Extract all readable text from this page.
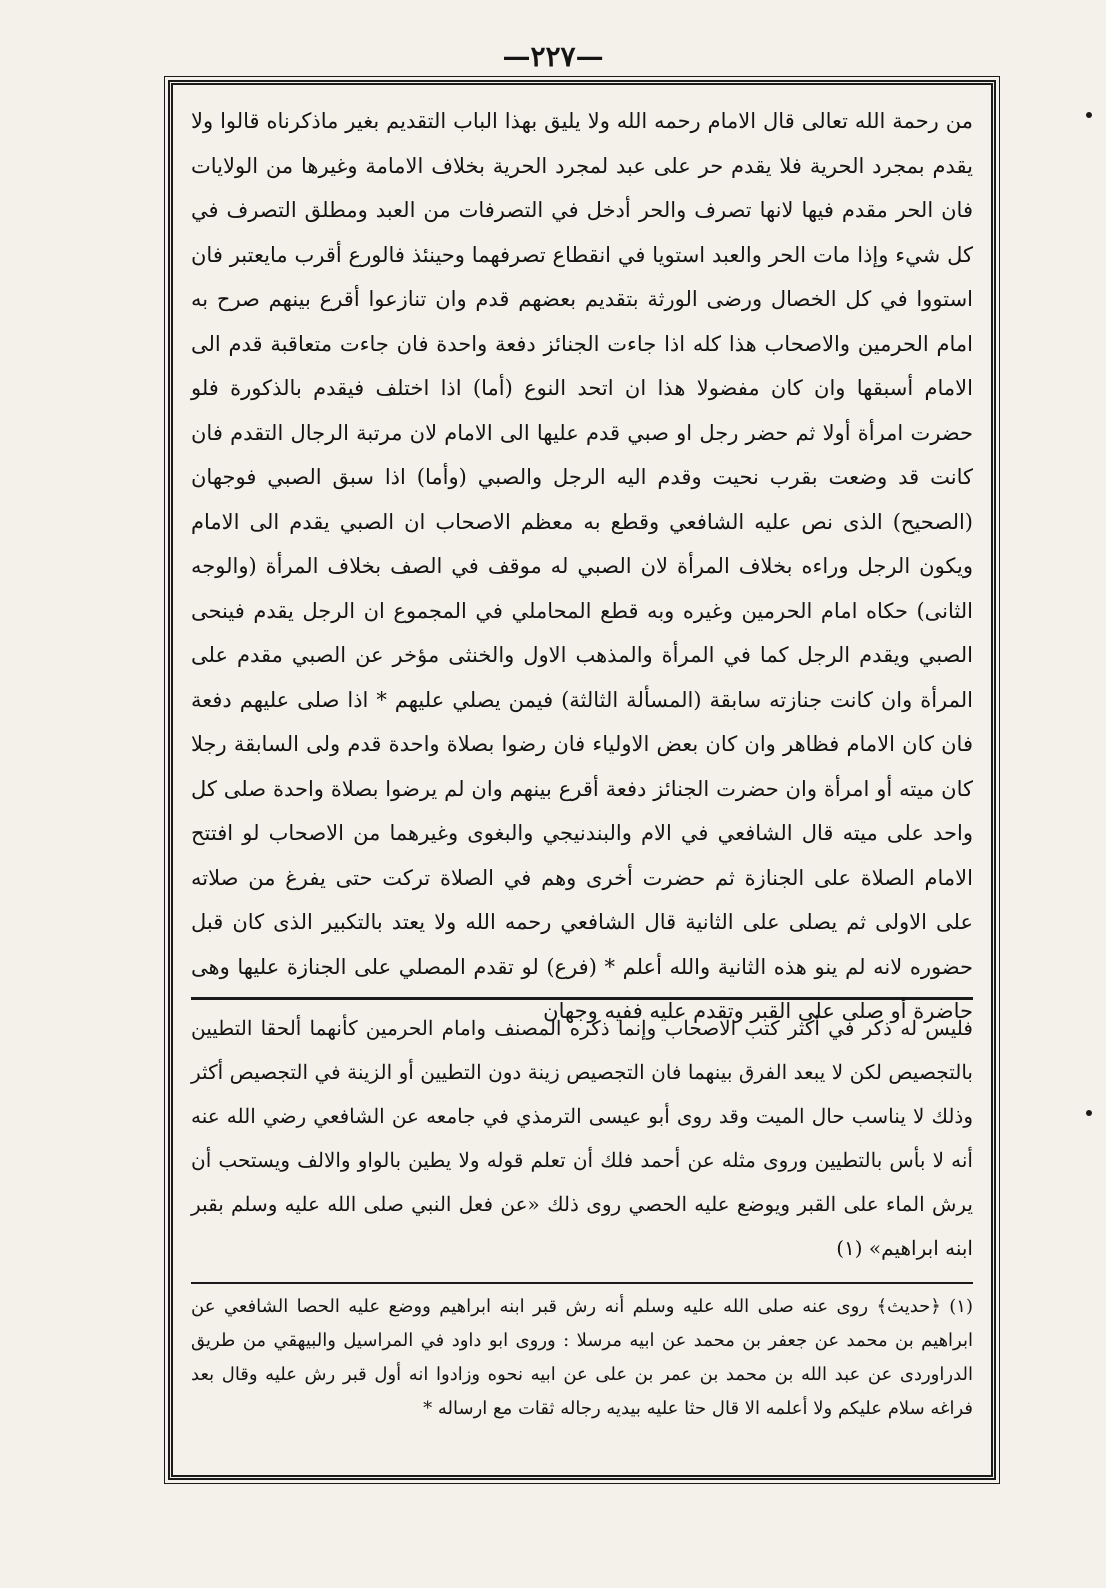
—٢٢٧—

من رحمة الله تعالى قال الامام رحمه الله ولا يليق بهذا الباب التقديم بغير ماذكرناه قالوا ولا يقدم بمجرد الحرية فلا يقدم حر على عبد لمجرد الحرية بخلاف الامامة وغيرها من الولايات فان الحر مقدم فيها لانها تصرف والحر أدخل في التصرفات من العبد ومطلق التصرف في كل شيء وإذا مات الحر والعبد استويا في انقطاع تصرفهما وحينئذ فالورع أقرب مايعتبر فان استووا في كل الخصال ورضى الورثة بتقديم بعضهم قدم وان تنازعوا أقرع بينهم صرح به امام الحرمين والاصحاب هذا كله اذا جاءت الجنائز دفعة واحدة فان جاءت متعاقبة قدم الى الامام أسبقها وان كان مفضولا هذا ان اتحد النوع (أما) اذا اختلف فيقدم بالذكورة فلو حضرت امرأة أولا ثم حضر رجل او صبي قدم عليها الى الامام لان مرتبة الرجال التقدم فان كانت قد وضعت بقرب نحيت وقدم اليه الرجل والصبي (وأما) اذا سبق الصبي فوجهان (الصحيح) الذى نص عليه الشافعي وقطع به معظم الاصحاب ان الصبي يقدم الى الامام ويكون الرجل وراءه بخلاف المرأة لان الصبي له موقف في الصف بخلاف المرأة (والوجه الثانى) حكاه امام الحرمين وغيره وبه قطع المحاملي في المجموع ان الرجل يقدم فينحى الصبي ويقدم الرجل كما في المرأة والمذهب الاول والخنثى مؤخر عن الصبي مقدم على المرأة وان كانت جنازته سابقة (المسألة الثالثة) فيمن يصلي عليهم * اذا صلى عليهم دفعة فان كان الامام فظاهر وان كان بعض الاولياء فان رضوا بصلاة واحدة قدم ولى السابقة رجلا كان ميته أو امرأة وان حضرت الجنائز دفعة أقرع بينهم وان لم يرضوا بصلاة واحدة صلى كل واحد على ميته قال الشافعي في الام والبندنيجي والبغوى وغيرهما من الاصحاب لو افتتح الامام الصلاة على الجنازة ثم حضرت أخرى وهم في الصلاة تركت حتى يفرغ من صلاته على الاولى ثم يصلى على الثانية قال الشافعي رحمه الله ولا يعتد بالتكبير الذى كان قبل حضوره لانه لم ينو هذه الثانية والله أعلم * (فرع) لو تقدم المصلي على الجنازة عليها وهى حاضرة أو صلى على القبر وتقدم عليه ففيه وجهان

فليس له ذكر في أكثر كتب الاصحاب وإنما ذكره المصنف وامام الحرمين كأنهما ألحقا التطيين بالتجصيص لكن لا يبعد الفرق بينهما فان التجصيص زينة دون التطيين أو الزينة في التجصيص أكثر وذلك لا يناسب حال الميت وقد روى أبو عيسى الترمذي في جامعه عن الشافعي رضي الله عنه أنه لا بأس بالتطيين وروى مثله عن أحمد فلك أن تعلم قوله ولا يطين بالواو والالف ويستحب أن يرش الماء على القبر ويوضع عليه الحصي روى ذلك «عن فعل النبي صلى الله عليه وسلم بقبر ابنه ابراهيم» (١)

(١) ﴿حديث﴾ روى عنه صلى الله عليه وسلم أنه رش قبر ابنه ابراهيم ووضع عليه الحصا الشافعي عن ابراهيم بن محمد عن جعفر بن محمد عن ابيه مرسلا : وروى ابو داود في المراسيل والبيهقي من طريق الدراوردى عن عبد الله بن محمد بن عمر بن على عن ابيه نحوه وزادوا انه أول قبر رش عليه وقال بعد فراغه سلام عليكم ولا أعلمه الا قال حثا عليه بيديه رجاله ثقات مع ارساله *
